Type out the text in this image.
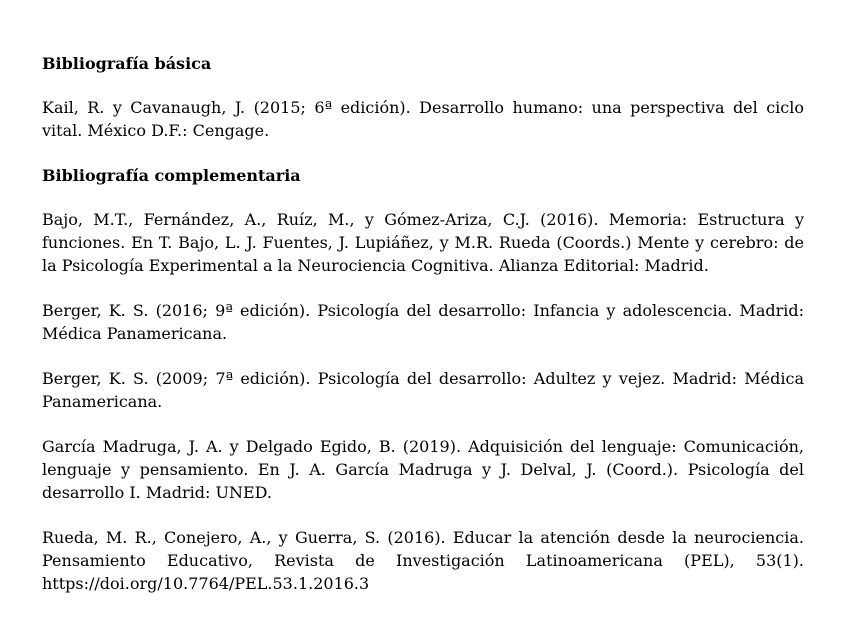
Bibliografía básica

Kail, R. y Cavanaugh, J. (2015; 6ª edición). Desarrollo humano: una perspectiva del ciclo vital. México D.F.: Cengage.

Bibliografía complementaria

Bajo, M.T., Fernández, A., Ruíz, M., y Gómez-Ariza, C.J. (2016). Memoria: Estructura y funciones. En T. Bajo, L. J. Fuentes, J. Lupiáñez, y M.R. Rueda (Coords.) Mente y cerebro: de la Psicología Experimental a la Neurociencia Cognitiva. Alianza Editorial: Madrid.

Berger, K. S. (2016; 9ª edición). Psicología del desarrollo: Infancia y adolescencia. Madrid: Médica Panamericana.

Berger, K. S. (2009; 7ª edición). Psicología del desarrollo: Adultez y vejez. Madrid: Médica Panamericana.

García Madruga, J. A. y Delgado Egido, B. (2019). Adquisición del lenguaje: Comunicación, lenguaje y pensamiento. En J. A. García Madruga y J. Delval, J. (Coord.). Psicología del desarrollo I. Madrid: UNED.

Rueda, M. R., Conejero, A., y Guerra, S. (2016). Educar la atención desde la neurociencia. Pensamiento Educativo, Revista de Investigación Latinoamericana (PEL), 53(1). https://doi.org/10.7764/PEL.53.1.2016.3
